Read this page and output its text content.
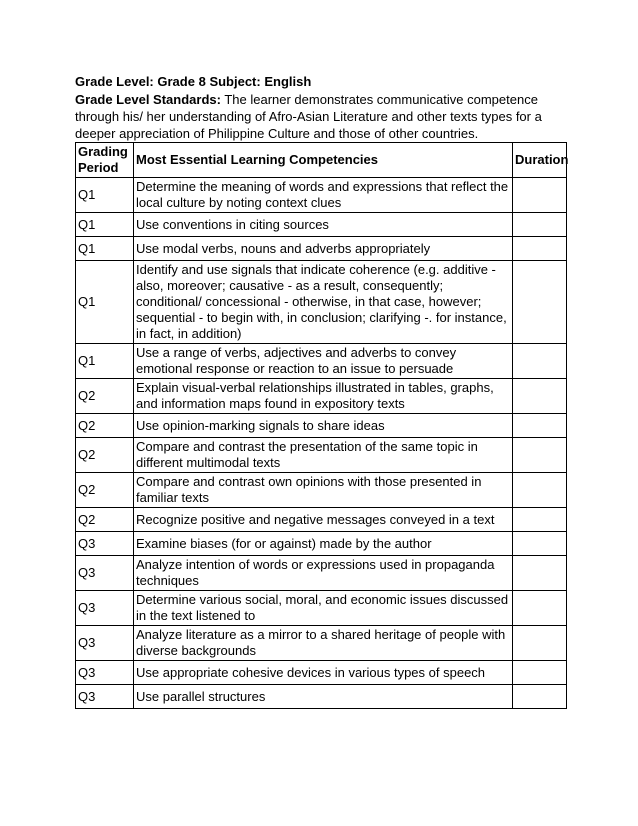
Grade Level: Grade 8 Subject: English
Grade Level Standards: The learner demonstrates communicative competence through his/ her understanding of Afro-Asian Literature and other texts types for a deeper appreciation of Philippine Culture and those of other countries.
Grading Period	Most Essential Learning Competencies	Duration
Q1	Determine the meaning of words and expressions that reflect the local culture by noting context clues	
Q1	Use conventions in citing sources	
Q1	Use modal verbs, nouns and adverbs appropriately	
Q1	Identify and use signals that indicate coherence (e.g. additive - also, moreover; causative - as a result, consequently; conditional/ concessional - otherwise, in that case, however; sequential - to begin with, in conclusion; clarifying -. for instance, in fact, in addition)	
Q1	Use a range of verbs, adjectives and adverbs to convey emotional response or reaction to an issue to persuade	
Q2	Explain visual-verbal relationships illustrated in tables, graphs, and information maps found in expository texts	
Q2	Use opinion-marking signals to share ideas	
Q2	Compare and contrast the presentation of the same topic in different multimodal texts	
Q2	Compare and contrast own opinions with those presented in familiar texts	
Q2	Recognize positive and negative messages conveyed in a text	
Q3	Examine biases (for or against) made by the author	
Q3	Analyze intention of words or expressions used in propaganda techniques	
Q3	Determine various social, moral, and economic issues discussed in the text listened to	
Q3	Analyze literature as a mirror to a shared heritage of people with diverse backgrounds	
Q3	Use appropriate cohesive devices in various types of speech	
Q3	Use parallel structures	
